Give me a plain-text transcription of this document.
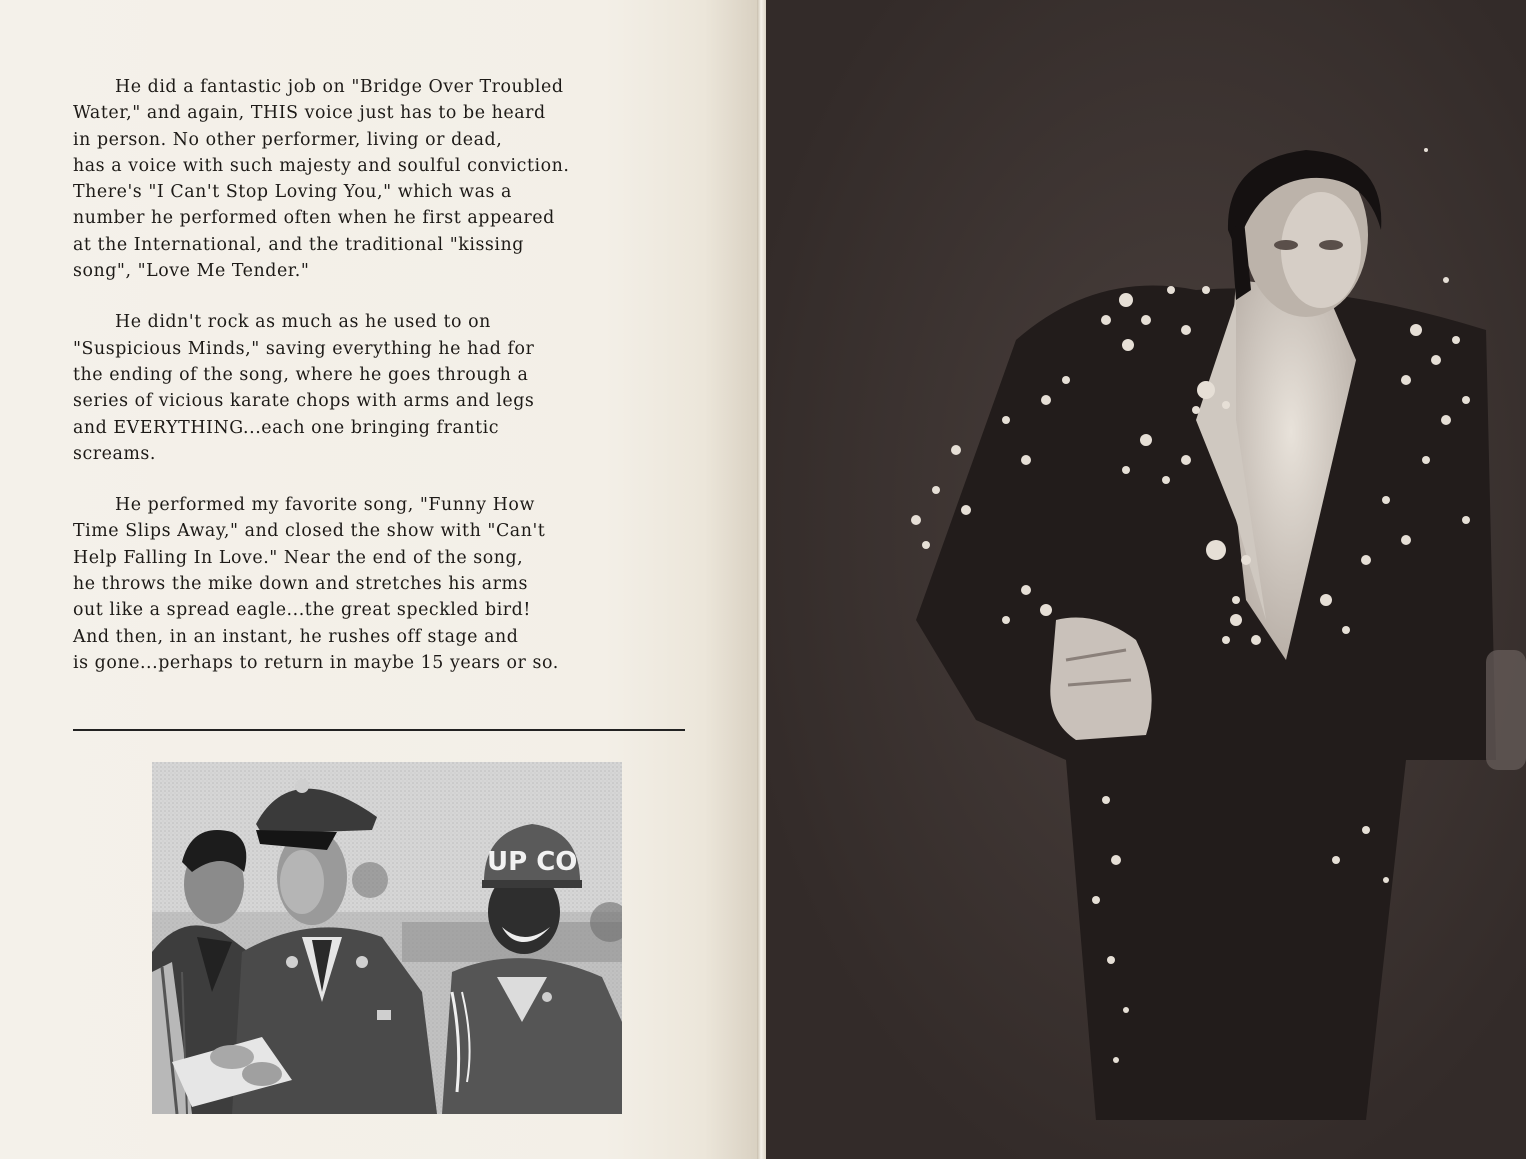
He did a fantastic job on "Bridge Over Troubled
Water," and again, THIS voice just has to be heard
in person. No other performer, living or dead,
has a voice with such majesty and soulful conviction.
There's "I Can't Stop Loving You," which was a
number he performed often when he first appeared
at the International, and the traditional "kissing
song", "Love Me Tender."

He didn't rock as much as he used to on
"Suspicious Minds," saving everything he had for
the ending of the song, where he goes through a
series of vicious karate chops with arms and legs
and EVERYTHING...each one bringing frantic
screams.

He performed my favorite song, "Funny How
Time Slips Away," and closed the show with "Can't
Help Falling In Love." Near the end of the song,
he throws the mike down and stretches his arms
out like a spread eagle...the great speckled bird!
And then, in an instant, he rushes off stage and
is gone...perhaps to return in maybe 15 years or so.

UP CO
